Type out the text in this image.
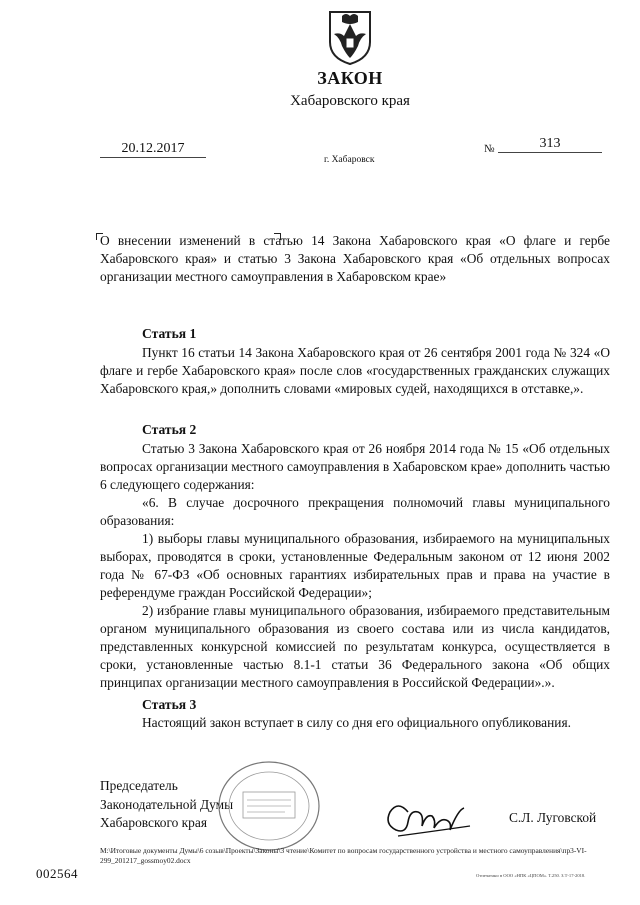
ЗАКОН
Хабаровского края
20.12.2017
г. Хабаровск
№	313
О внесении изменений в статью 14 Закона Хабаровского края «О флаге и гербе Хабаровского края» и статью 3 Закона Хабаровского края «Об отдельных вопросах организации местного самоуправления в Хабаровском крае»
Статья 1

Пункт 16 статьи 14 Закона Хабаровского края от 26 сентября 2001 года № 324 «О флаге и гербе Хабаровского края» после слов «государственных гражданских служащих Хабаровского края,» дополнить словами «мировых судей, находящихся в отставке,».

Статья 2

Статью 3 Закона Хабаровского края от 26 ноября 2014 года № 15 «Об отдельных вопросах организации местного самоуправления в Хабаровском крае» дополнить частью 6 следующего содержания:

«6. В случае досрочного прекращения полномочий главы муниципального образования:

1) выборы главы муниципального образования, избираемого на муниципальных выборах, проводятся в сроки, установленные Федеральным законом от 12 июня 2002 года № 67-ФЗ «Об основных гарантиях избирательных прав и права на участие в референдуме граждан Российской Федерации»;

2) избрание главы муниципального образования, избираемого представительным органом муниципального образования из своего состава или из числа кандидатов, представленных конкурсной комиссией по результатам конкурса, осуществляется в сроки, установленные частью 8.1-1 статьи 36 Федерального закона «Об общих принципах организации местного самоуправления в Российской Федерации».».

Статья 3

Настоящий закон вступает в силу со дня его официального опубликования.

Председатель
Законодательной Думы
Хабаровского края	С.Л. Луговской
M:\Итоговые документы Думы\6 созыв\Проекты\Законы\3 чтение\Комитет по вопросам государственного устройства и местного самоуправления\пр3-VI-299_201217_gossmoy02.docx
Отпечатано в ООО «НПК «ЦПОМ». Т.250. З.Т-17-2018.
002564
